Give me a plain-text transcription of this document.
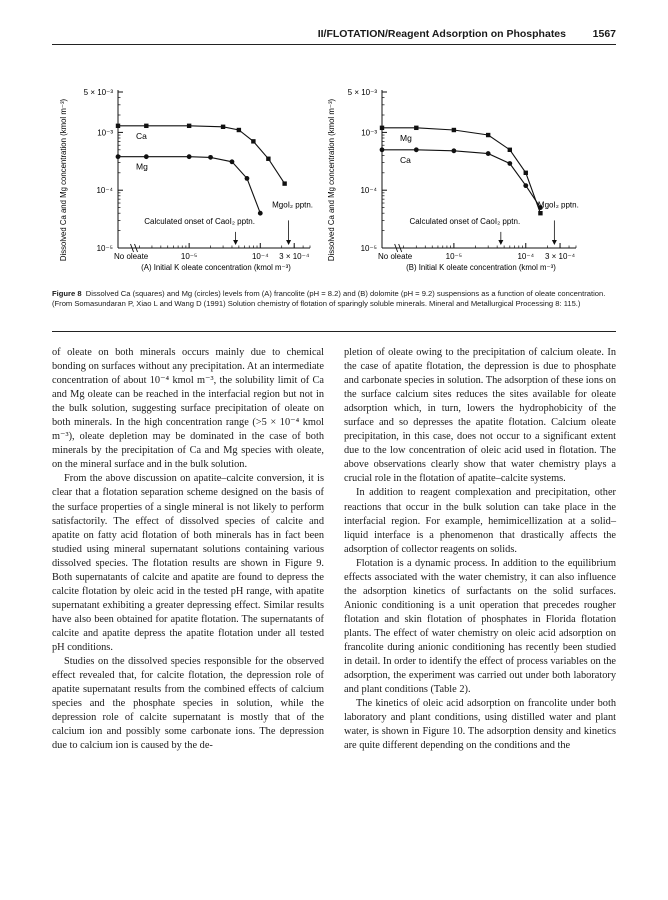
II/FLOTATION/Reagent Adsorption on Phosphates	1567
5 × 10⁻³
10⁻³
10⁻⁴
10⁻⁵
No oleate	10⁻⁵	10⁻⁴ 3 × 10⁻⁴
(A) Initial K oleate concentration (kmol m⁻³)
Dissolved Ca and Mg concentration (kmol m⁻³)	Ca
Mg
Calculated onset of CaoI₂ pptn.
MgoI₂ pptn.
5 × 10⁻³
10⁻³
10⁻⁴
10⁻⁵
No oleate	10⁻⁵	10⁻⁴ 3 × 10⁻⁴
(B) Initial K oleate concentration (kmol m⁻³)
Dissolved Ca and Mg concentration (kmol m⁻³)	Mg
Ca
Calculated onset of CaoI₂ pptn.
MgoI₂ pptn.
Figure 8 Dissolved Ca (squares) and Mg (circles) levels from (A) francolite (pH = 8.2) and (B) dolomite (pH = 9.2) suspensions as a function of oleate concentration. (From Somasundaran P, Xiao L and Wang D (1991) Solution chemistry of flotation of sparingly soluble minerals. Mineral and Metallurgical Processing 8: 115.)

of oleate on both minerals occurs mainly due to chemical bonding on surfaces without any precipitation. At an intermediate concentration of about 10⁻⁴ kmol m⁻³, the solubility limit of Ca and Mg oleate can be reached in the interfacial region but not in the bulk solution, suggesting surface precipitation of oleate on both minerals. In the high concentration range (>5 × 10⁻⁴ kmol m⁻³), oleate depletion may be dominated in the case of both minerals by the precipitation of Ca and Mg species with oleate, on the mineral surface and in the bulk solution.

From the above discussion on apatite–calcite conversion, it is clear that a flotation separation scheme designed on the basis of the surface properties of a single mineral is not likely to perform satisfactorily. The effect of dissolved species of calcite and apatite on fatty acid flotation of both minerals has in fact been studied using mineral supernatant solutions containing various dissolved species. The flotation results are shown in Figure 9. Both supernatants of calcite and apatite are found to depress the calcite flotation by oleic acid in the tested pH range, with apatite supernatant exhibiting a greater depressing effect. Similar results have also been obtained for apatite flotation. The supernatants of calcite and apatite depress the apatite flotation under all tested pH conditions.

Studies on the dissolved species responsible for the observed effect revealed that, for calcite flotation, the depression role of apatite supernatant results from the combined effects of calcium species and the phosphate species in solution, while the depression role of calcite supernatant is mostly that of the calcium ion and possibly some carbonate ions. The depression due to calcium ion is caused by the de-

pletion of oleate owing to the precipitation of calcium oleate. In the case of apatite flotation, the depression is due to phosphate and carbonate species in solution. The adsorption of these ions on the surface calcium sites reduces the sites available for oleate adsorption which, in turn, lowers the hydrophobicity of the surface and so depresses the apatite flotation. Calcium oleate precipitation, in this case, does not occur to a significant extent due to the low concentration of oleic acid used in flotation. The above observations clearly show that water chemistry plays a crucial role in the flotation of apatite–calcite systems.

In addition to reagent complexation and precipitation, other reactions that occur in the bulk solution can take place in the interfacial region. For example, hemimicellization at a solid–liquid interface is a phenomenon that drastically affects the adsorption of collector reagents on solids.

Flotation is a dynamic process. In addition to the equilibrium effects associated with the water chemistry, it can also influence the adsorption kinetics of surfactants on the solid surfaces. Anionic conditioning is a unit operation that precedes rougher flotation and skin flotation of phosphates in Florida flotation plants. The effect of water chemistry on oleic acid adsorption on francolite during anionic conditioning has recently been studied in detail. In order to identify the effect of process variables on the adsorption, the experiment was carried out under both laboratory and plant conditions (Table 2).

The kinetics of oleic acid adsorption on francolite under both laboratory and plant conditions, using distilled water and plant water, is shown in Figure 10. The adsorption density and kinetics are quite different depending on the conditions and the
